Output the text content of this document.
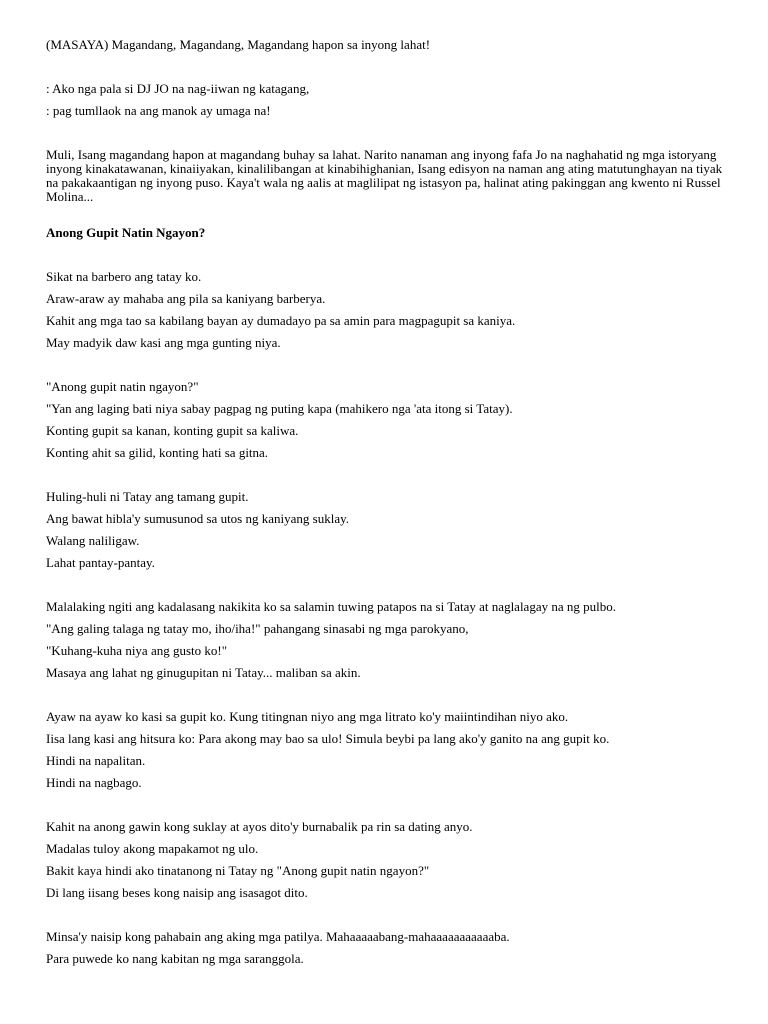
(MASAYA) Magandang, Magandang, Magandang hapon sa inyong lahat!

: Ako nga pala si DJ JO na nag-iiwan ng katagang,

: pag tumllaok na ang manok ay umaga na!

Muli, Isang magandang hapon at magandang buhay sa lahat. Narito nanaman ang inyong fafa Jo na naghahatid ng mga istoryang inyong kinakatawanan, kinaiiyakan, kinalilibangan at kinabihighanian, Isang edisyon na naman ang ating matutunghayan na tiyak na pakakaantigan ng inyong puso. Kaya't wala ng aalis at maglilipat ng istasyon pa, halinat ating pakinggan ang kwento ni Russel Molina...

Anong Gupit Natin Ngayon?

Sikat na barbero ang tatay ko.

Araw-araw ay mahaba ang pila sa kaniyang barberya.

Kahit ang mga tao sa kabilang bayan ay dumadayo pa sa amin para magpagupit sa kaniya.

May madyik daw kasi ang mga gunting niya.

"Anong gupit natin ngayon?"

"Yan ang laging bati niya sabay pagpag ng puting kapa (mahikero nga 'ata itong si Tatay).

Konting gupit sa kanan, konting gupit sa kaliwa.

Konting ahit sa gilid, konting hati sa gitna.

Huling-huli ni Tatay ang tamang gupit.

Ang bawat hibla'y sumusunod sa utos ng kaniyang suklay.

Walang naliligaw.

Lahat pantay-pantay.

Malalaking ngiti ang kadalasang nakikita ko sa salamin tuwing patapos na si Tatay at naglalagay na ng pulbo.

"Ang galing talaga ng tatay mo, iho/iha!" pahangang sinasabi ng mga parokyano,

"Kuhang-kuha niya ang gusto ko!"

Masaya ang lahat ng ginugupitan ni Tatay... maliban sa akin.

Ayaw na ayaw ko kasi sa gupit ko. Kung titingnan niyo ang mga litrato ko'y maiintindihan niyo ako.

Iisa lang kasi ang hitsura ko: Para akong may bao sa ulo! Simula beybi pa lang ako'y ganito na ang gupit ko.

Hindi na napalitan.

Hindi na nagbago.

Kahit na anong gawin kong suklay at ayos dito'y burnabalik pa rin sa dating anyo.

Madalas tuloy akong mapakamot ng ulo.

Bakit kaya hindi ako tinatanong ni Tatay ng "Anong gupit natin ngayon?"

Di lang iisang beses kong naisip ang isasagot dito.

Minsa'y naisip kong pahabain ang aking mga patilya. Mahaaaaabang-mahaaaaaaaaaaaba.

Para puwede ko nang kabitan ng mga saranggola.
